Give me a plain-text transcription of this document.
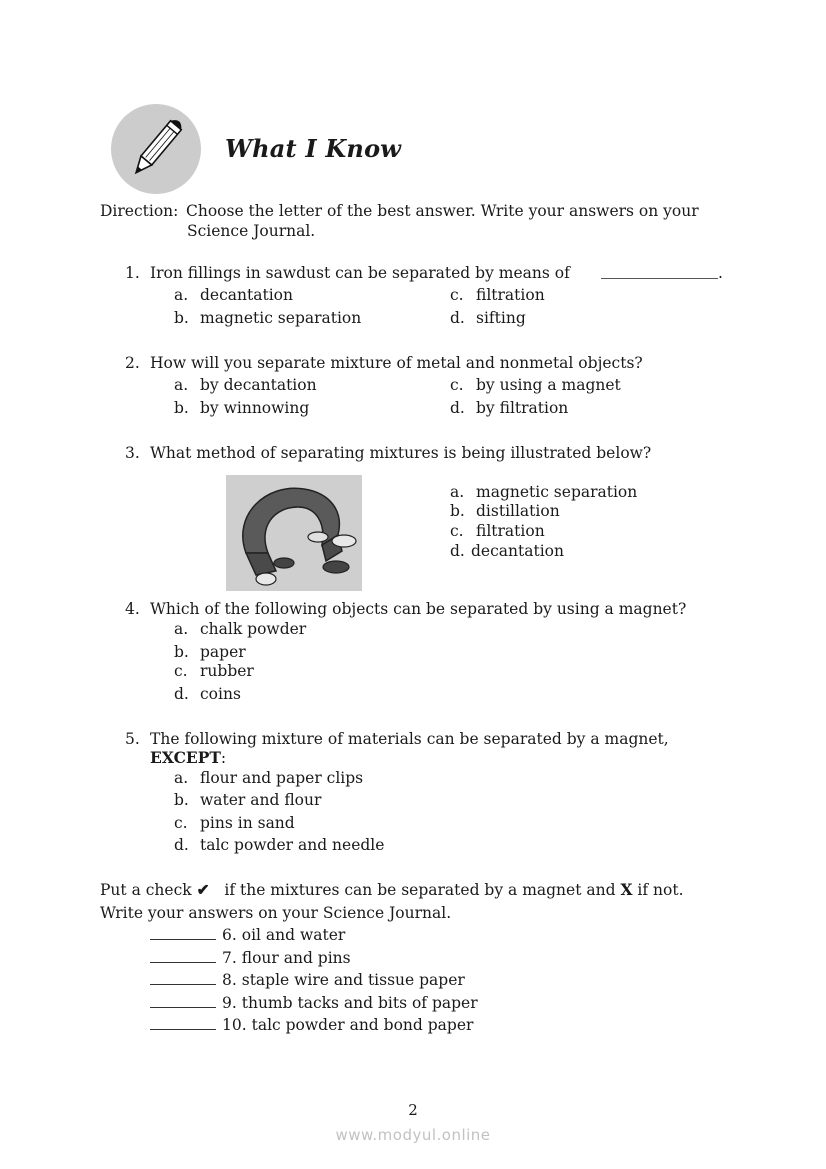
What I Know
Direction: Choose the letter of the best answer. Write your answers on your
Science Journal.
1. Iron fillings in sawdust can be separated by means of	.
a. decantation
b. magnetic separation
c. filtration
d. sifting
2. How will you separate mixture of metal and nonmetal objects?
a. by decantation
b. by winnowing
c. by using a magnet
d. by filtration
3. What method of separating mixtures is being illustrated below?
a. magnetic separation
b. distillation
c. filtration
d. decantation
4. Which of the following objects can be separated by using a magnet?
a. chalk powder
b. paper
c. rubber
d. coins
5. The following mixture of materials can be separated by a magnet,
EXCEPT:
a. flour and paper clips
b. water and flour
c. pins in sand
d. talc powder and needle
Put a check ✔ if the mixtures can be separated by a magnet and X if not.
Write your answers on your Science Journal.
6. oil and water
7. flour and pins
8. staple wire and tissue paper
9. thumb tacks and bits of paper
10. talc powder and bond paper
2
www.modyul.online
